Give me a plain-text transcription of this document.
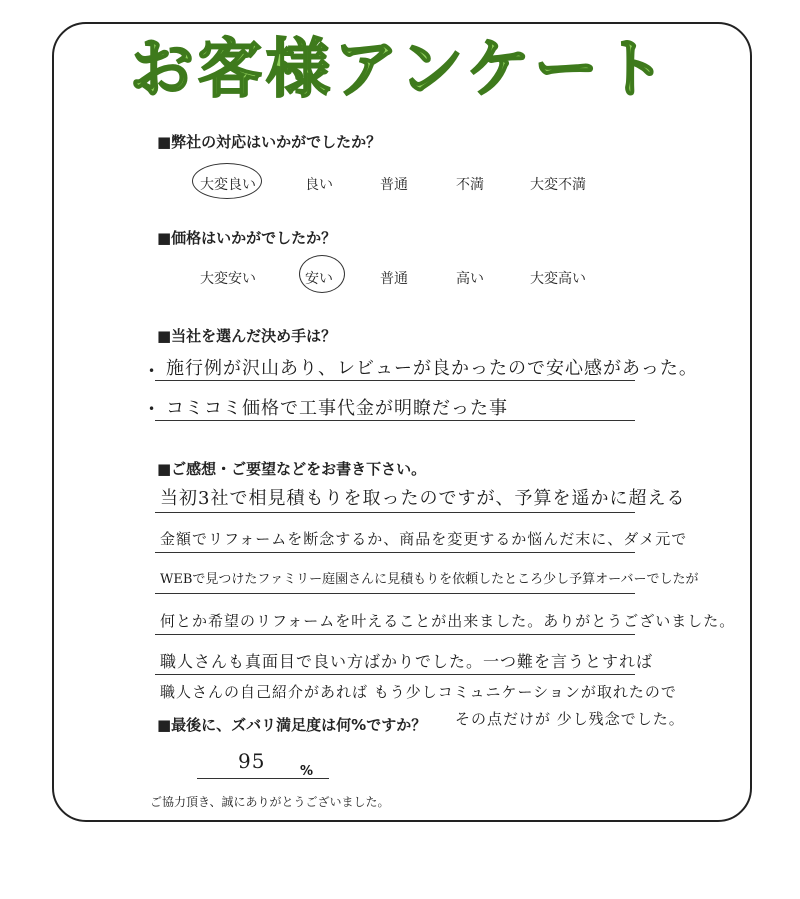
お客様アンケート
■弊社の対応はいかがでしたか？
大変良い	良い	普通	不満	大変不満
■価格はいかがでしたか？
大変安い	安い	普通	高い	大変高い
■当社を選んだ決め手は？
• 施行例が沢山あり、レビューが良かったので安心感があった。
• コミコミ価格で工事代金が明瞭だった事
■ご感想・ご要望などをお書き下さい。
当初3社で相見積もりを取ったのですが、予算を遥かに超える
金額でリフォームを断念するか、商品を変更するか悩んだ末に、ダメ元で
WEBで見つけたファミリー庭園さんに見積もりを依頼したところ少し予算オーバーでしたが
何とか希望のリフォームを叶えることが出来ました。ありがとうございました。
職人さんも真面目で良い方ばかりでした。一つ難を言うとすれば
職人さんの自己紹介があれば もう少しコミュニケーションが取れたので
その点だけが 少し残念でした。
■最後に、ズバリ満足度は何%ですか？
95	%
ご協力頂き、誠にありがとうございました。
